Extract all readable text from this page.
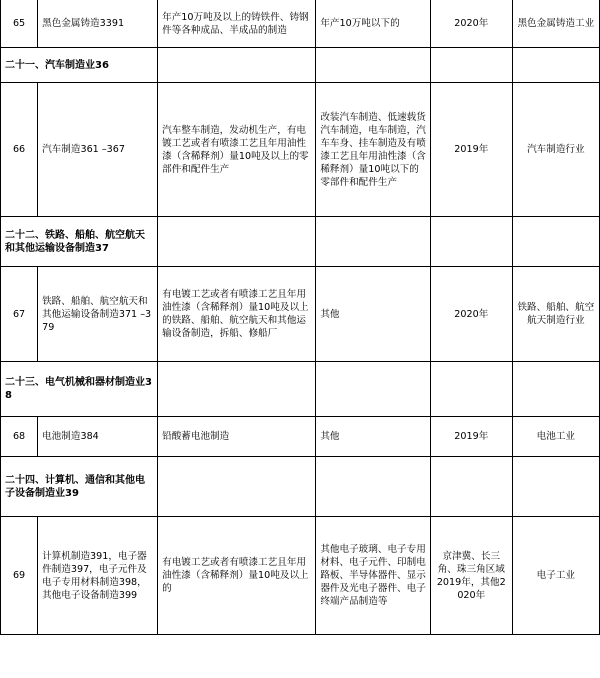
65	黑色金属铸造3391	年产10万吨及以上的铸铁件、铸钢件等各种成品、半成品的制造	年产10万吨以下的	2020年	黑色金属铸造工业
二十一、汽车制造业36					
66	汽车制造361 –367	汽车整车制造，发动机生产，有电镀工艺或者有喷漆工艺且年用油性漆（含稀释剂）量10吨及以上的零部件和配件生产	改装汽车制造、低速载货汽车制造，电车制造，汽车车身、挂车制造及有喷漆工艺且年用油性漆（含稀释剂）量10吨以下的零部件和配件生产	2019年	汽车制造行业
二十二、铁路、船舶、航空航天和其他运输设备制造37					
67	铁路、船舶、航空航天和其他运输设备制造371 –379	有电镀工艺或者有喷漆工艺且年用油性漆（含稀释剂）量10吨及以上的铁路、船舶、航空航天和其他运输设备制造，拆船、修船厂	其他	2020年	铁路、船舶、航空航天制造行业
二十三、电气机械和器材制造业38					
68	电池制造384	铅酸蓄电池制造	其他	2019年	电池工业
二十四、计算机、通信和其他电子设备制造业39					
69	计算机制造391，电子器件制造397，电子元件及电子专用材料制造398，其他电子设备制造399	有电镀工艺或者有喷漆工艺且年用油性漆（含稀释剂）量10吨及以上的	其他电子玻璃、电子专用材料、电子元件、印制电路板、半导体器件、显示器件及光电子器件、电子终端产品制造等	京津冀、长三角、珠三角区域2019年，其他2020年	电子工业
